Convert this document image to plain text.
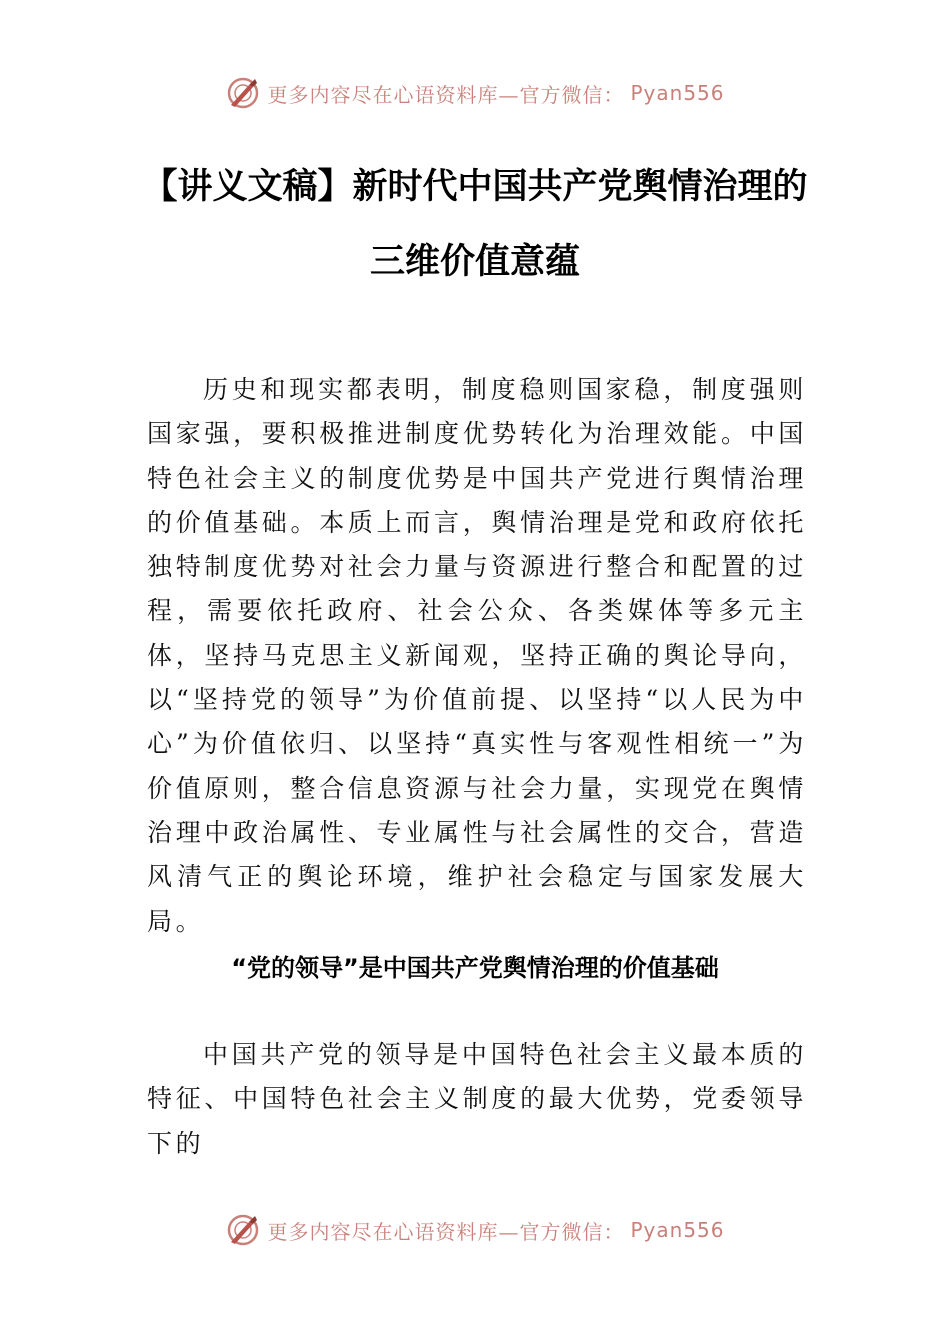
更多内容尽在心语资料库—官方微信： Pyan556
【讲义文稿】新时代中国共产党舆情治理的
三维价值意蕴

历史和现实都表明，制度稳则国家稳，制度强则国家强，要积极推进制度优势转化为治理效能。中国特色社会主义的制度优势是中国共产党进行舆情治理的价值基础。本质上而言，舆情治理是党和政府依托独特制度优势对社会力量与资源进行整合和配置的过程，需要依托政府、社会公众、各类媒体等多元主体，坚持马克思主义新闻观，坚持正确的舆论导向，以“坚持党的领导”为价值前提、以坚持“以人民为中心”为价值依归、以坚持“真实性与客观性相统一”为价值原则，整合信息资源与社会力量，实现党在舆情治理中政治属性、专业属性与社会属性的交合，营造风清气正的舆论环境，维护社会稳定与国家发展大局。

“党的领导”是中国共产党舆情治理的价值基础

中国共产党的领导是中国特色社会主义最本质的特征、中国特色社会主义制度的最大优势，党委领导下的

更多内容尽在心语资料库—官方微信： Pyan556
